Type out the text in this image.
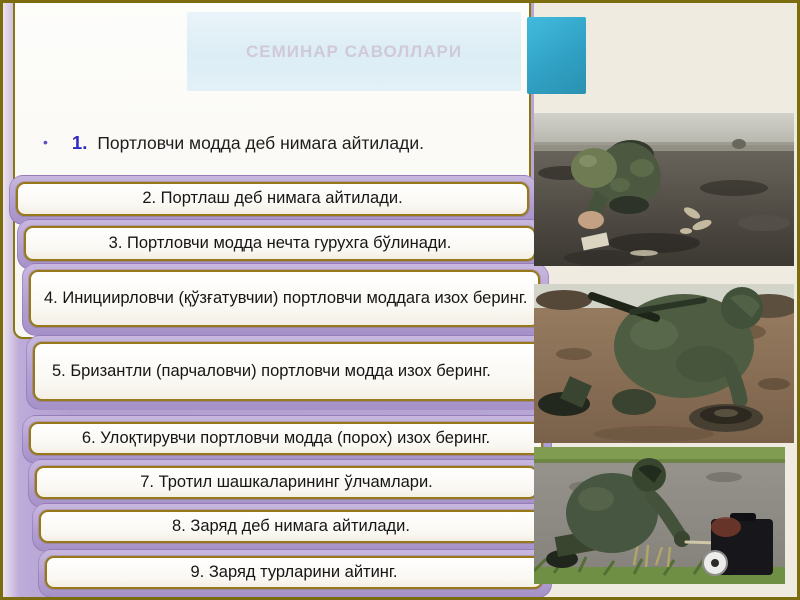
СЕМИНАР САВОЛЛАРИ
• 1. Портловчи модда деб нимага айтилади.
2. Портлаш деб нимага айтилади.
3. Портловчи модда нечта гурухга бўлинади.
4. Инициирловчи (қўзғатувчии) портловчи моддага изох беринг.
5. Бризантли (парчаловчи) портловчи модда изох беринг.
6. Улоқтирувчи портловчи модда (порох) изох беринг.
7. Тротил шашкаларининг ўлчамлари.
8. Заряд деб нимага айтилади.
9. Заряд турларини айтинг.
